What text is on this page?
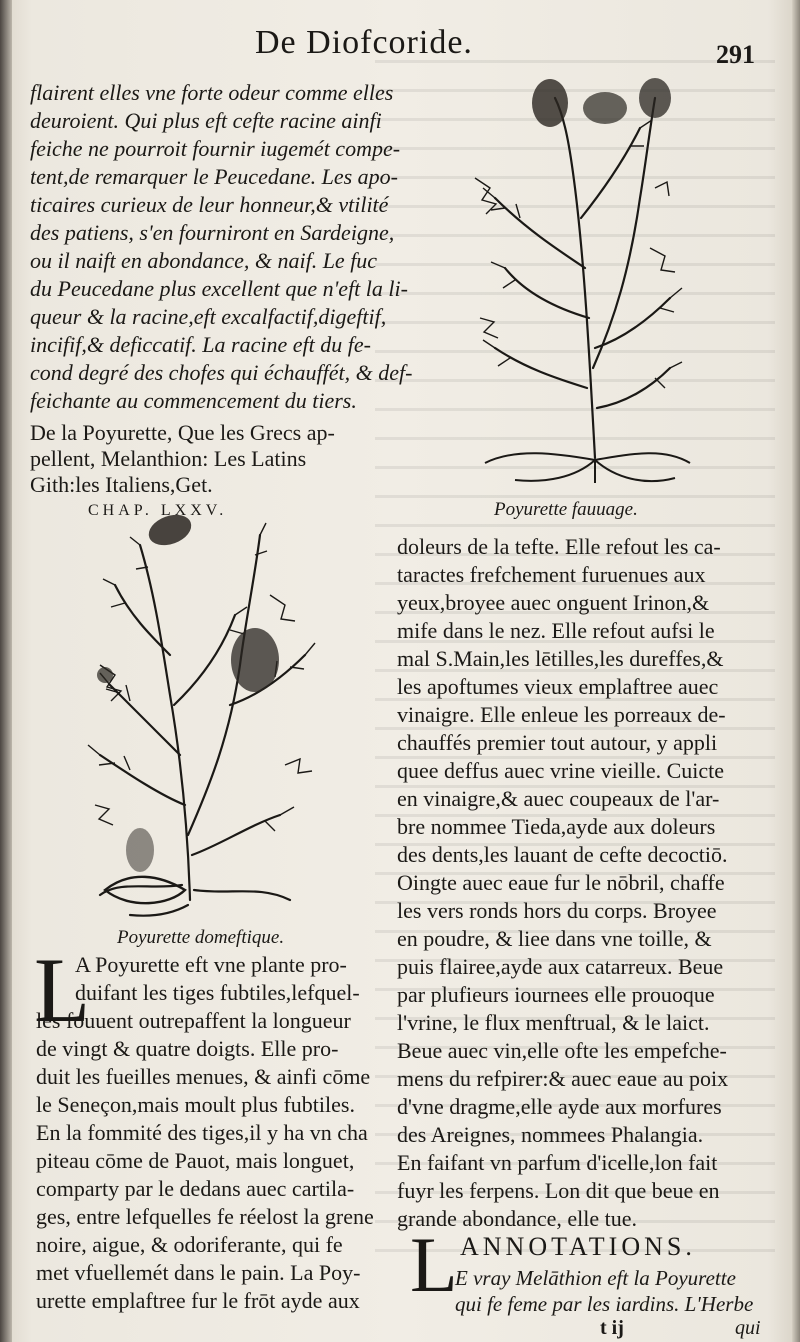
De Diofcoride.	291
flairent elles vne forte odeur comme elles
deuroient. Qui plus eft cefte racine ainfi
feiche ne pourroit fournir iugemét compe-
tent,de remarquer le Peucedane. Les apo-
ticaires curieux de leur honneur,& vtilité
des patiens, s'en fourniront en Sardeigne,
ou il naift en abondance, & naif. Le fuc
du Peucedane plus excellent que n'eft la li-
queur & la racine,eft excalfactif,digeftif,
incifif,& deficcatif. La racine eft du fe-
cond degré des chofes qui échauffét, & def-
feichante au commencement du tiers.
De la Poyurette, Que les Grecs ap-
pellent, Melanthion: Les Latins
Gith:les Italiens,Get.
CHAP. LXXV.
Poyurette domeftique.
L
A Poyurette eft vne plante pro-
duifant les tiges fubtiles,lefquel-
les fouuent outrepaffent la longueur
de vingt & quatre doigts. Elle pro-
duit les fueilles menues, & ainfi cōme
le Seneçon,mais moult plus fubtiles.
En la fommité des tiges,il y ha vn cha
piteau cōme de Pauot, mais longuet,
comparty par le dedans auec cartila-
ges, entre lefquelles fe réelost la grene
noire, aigue, & odoriferante, qui fe
met vfuellemét dans le pain. La Poy-
urette emplaftree fur le frōt ayde aux
Poyurette fauuage.
doleurs de la tefte. Elle refout les ca-
taractes frefchement furuenues aux
yeux,broyee auec onguent Irinon,&
mife dans le nez. Elle refout aufsi le
mal S.Main,les lētilles,les dureffes,&
les apoftumes vieux emplaftree auec
vinaigre. Elle enleue les porreaux de-
chauffés premier tout autour, y appli
quee deffus auec vrine vieille. Cuicte
en vinaigre,& auec coupeaux de l'ar-
bre nommee Tieda,ayde aux doleurs
des dents,les lauant de cefte decoctiō.
Oingte auec eaue fur le nōbril, chaffe
les vers ronds hors du corps. Broyee
en poudre, & liee dans vne toille, &
puis flairee,ayde aux catarreux. Beue
par plufieurs iournees elle prouoque
l'vrine, le flux menftrual, & le laict.
Beue auec vin,elle ofte les empefche-
mens du refpirer:& auec eaue au poix
d'vne dragme,elle ayde aux morfures
des Areignes, nommees Phalangia.
En faifant vn parfum d'icelle,lon fait
fuyr les ferpens. Lon dit que beue en
grande abondance, elle tue.
ANNOTATIONS.
L
E vray Melāthion eft la Poyurette
qui fe feme par les iardins. L'Herbe
t ij	qui
